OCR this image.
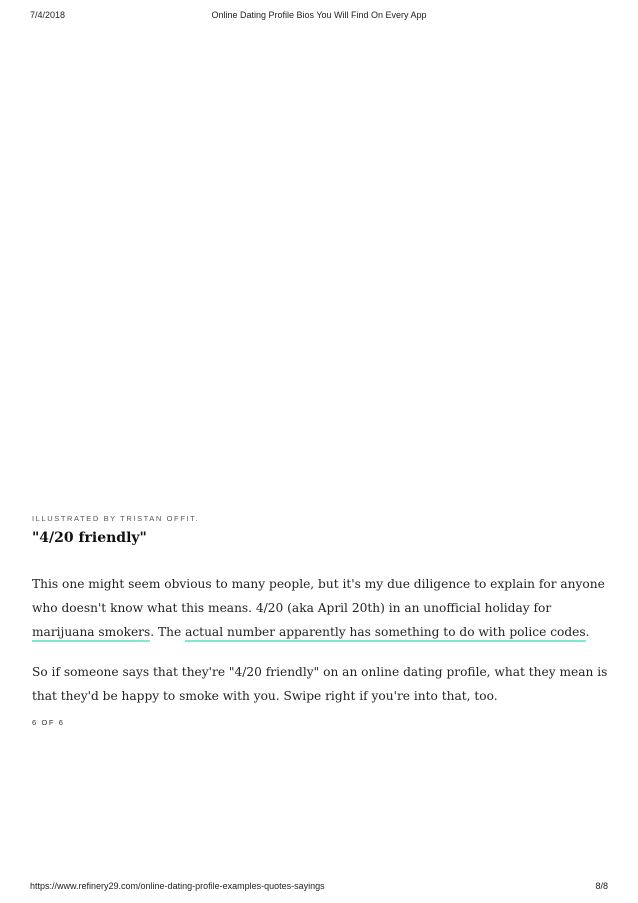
7/4/2018	Online Dating Profile Bios You Will Find On Every App
ILLUSTRATED BY TRISTAN OFFIT.
"4/20 friendly"

This one might seem obvious to many people, but it's my due diligence to explain for anyone who doesn't know what this means. 4/20 (aka April 20th) in an unofficial holiday for marijuana smokers. The actual number apparently has something to do with police codes.

So if someone says that they're "4/20 friendly" on an online dating profile, what they mean is that they'd be happy to smoke with you. Swipe right if you're into that, too.

6 OF 6
https://www.refinery29.com/online-dating-profile-examples-quotes-sayings	8/8
